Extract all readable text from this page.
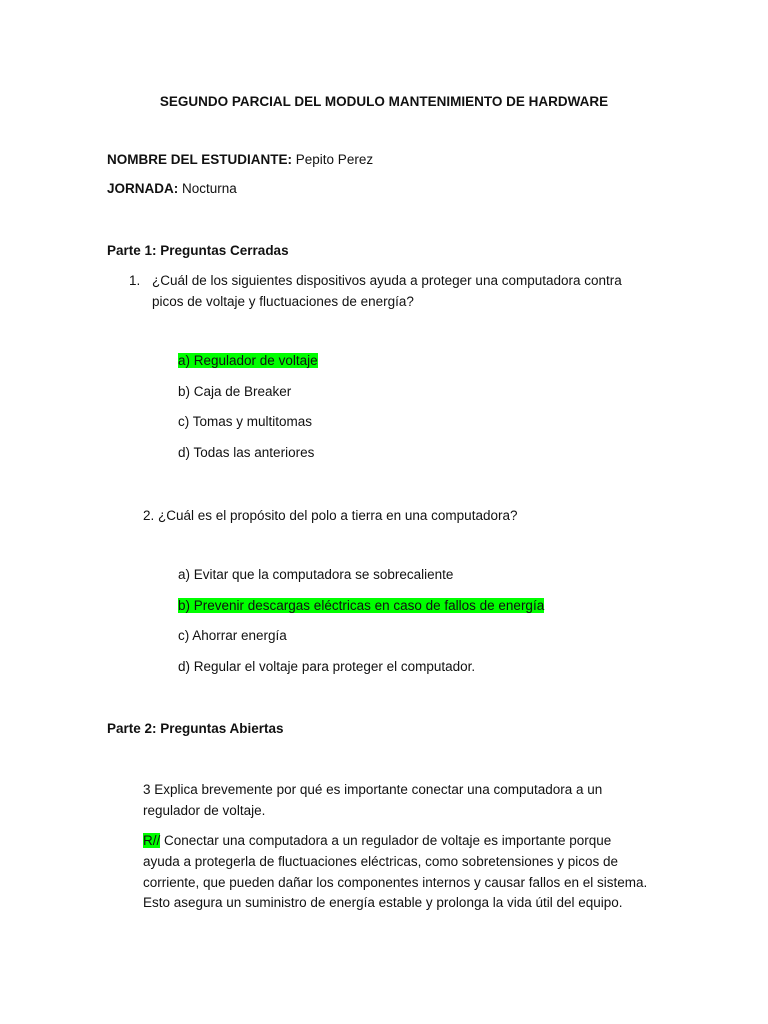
SEGUNDO PARCIAL DEL MODULO MANTENIMIENTO DE HARDWARE
NOMBRE DEL ESTUDIANTE: Pepito Perez
JORNADA: Nocturna
Parte 1: Preguntas Cerradas
1. ¿Cuál de los siguientes dispositivos ayuda a proteger una computadora contra
picos de voltaje y fluctuaciones de energía?
a) Regulador de voltaje
b) Caja de Breaker
c) Tomas y multitomas
d) Todas las anteriores
2. ¿Cuál es el propósito del polo a tierra en una computadora?
a) Evitar que la computadora se sobrecaliente
b) Prevenir descargas eléctricas en caso de fallos de energía
c) Ahorrar energía
d) Regular el voltaje para proteger el computador.
Parte 2: Preguntas Abiertas
3 Explica brevemente por qué es importante conectar una computadora a un
regulador de voltaje.
R// Conectar una computadora a un regulador de voltaje es importante porque
ayuda a protegerla de fluctuaciones eléctricas, como sobretensiones y picos de
corriente, que pueden dañar los componentes internos y causar fallos en el sistema.
Esto asegura un suministro de energía estable y prolonga la vida útil del equipo.
